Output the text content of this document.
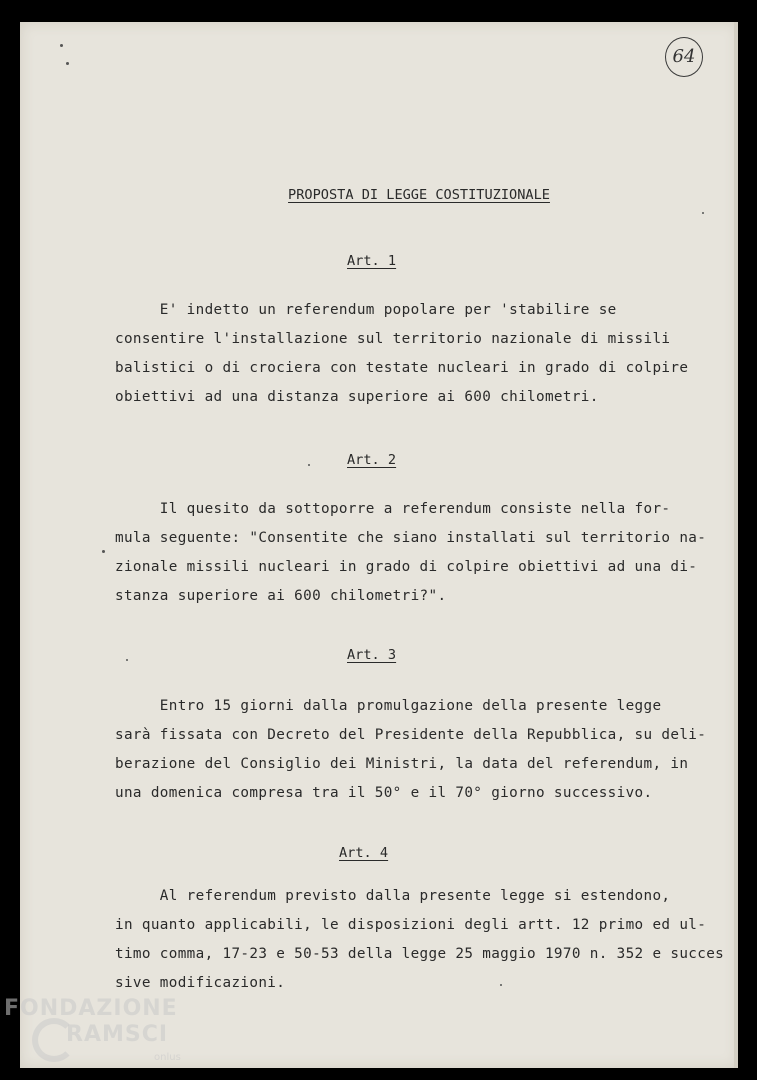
64
PROPOSTA DI LEGGE COSTITUZIONALE
Art. 1
E' indetto un referendum popolare per 'stabilire se
consentire l'installazione sul territorio nazionale di missili
balistici o di crociera con testate nucleari in grado di colpire
obiettivi ad una distanza superiore ai 600 chilometri.
Art. 2
Il quesito da sottoporre a referendum consiste nella for-
mula seguente: "Consentite che siano installati sul territorio na-
zionale missili nucleari in grado di colpire obiettivi ad una di-
stanza superiore ai 600 chilometri?".
Art. 3
Entro 15 giorni dalla promulgazione della presente legge
sarà fissata con Decreto del Presidente della Repubblica, su deli-
berazione del Consiglio dei Ministri, la data del referendum, in
una domenica compresa tra il 50° e il 70° giorno successivo.
Art. 4
Al referendum previsto dalla presente legge si estendono,
in quanto applicabili, le disposizioni degli artt. 12 primo ed ul-
timo comma, 17-23 e 50-53 della legge 25 maggio 1970 n. 352 e succes
sive modificazioni.
FONDAZIONE
RAMSCI
onlus
